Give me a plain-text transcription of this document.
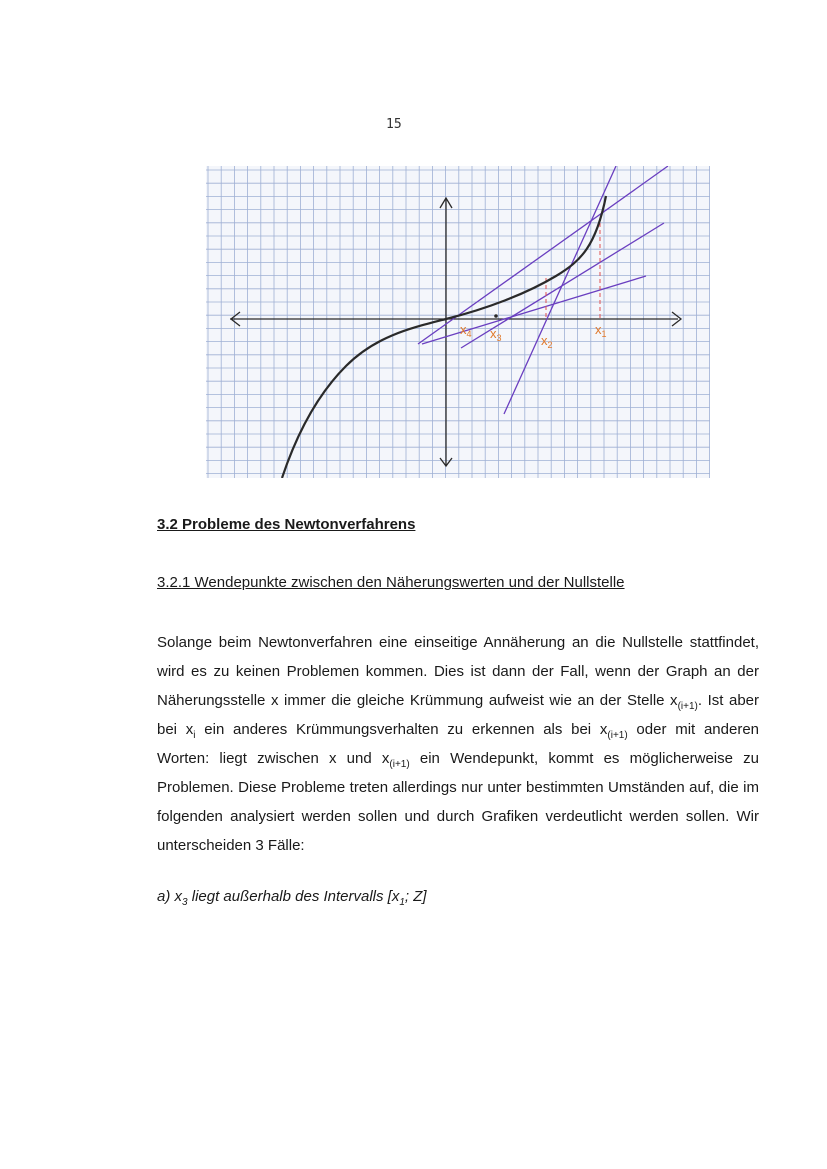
15
$x_4$ $x_3$	$x_2$
$x_1$
3.2 Probleme des Newtonverfahrens
3.2.1 Wendepunkte zwischen den Näherungswerten und der Nullstelle

Solange beim Newtonverfahren eine einseitige Annäherung an die Nullstelle stattfindet, wird es zu keinen Problemen kommen. Dies ist dann der Fall, wenn der Graph an der Näherungsstelle x immer die gleiche Krümmung aufweist wie an der Stelle $x_{(i+1)}$. Ist aber bei $x_i$ ein anderes Krümmungsverhalten zu erkennen als bei $x_{(i+1)}$ oder mit anderen Worten: liegt zwischen x und $x_{(i+1)}$ ein Wendepunkt, kommt es möglicherweise zu Problemen. Diese Probleme treten allerdings nur unter bestimmten Umständen auf, die im folgenden analysiert werden sollen und durch Grafiken verdeutlicht werden sollen. Wir unterscheiden 3 Fälle:

a) $x_3$ liegt außerhalb des Intervalls [$x_1$; Z]
